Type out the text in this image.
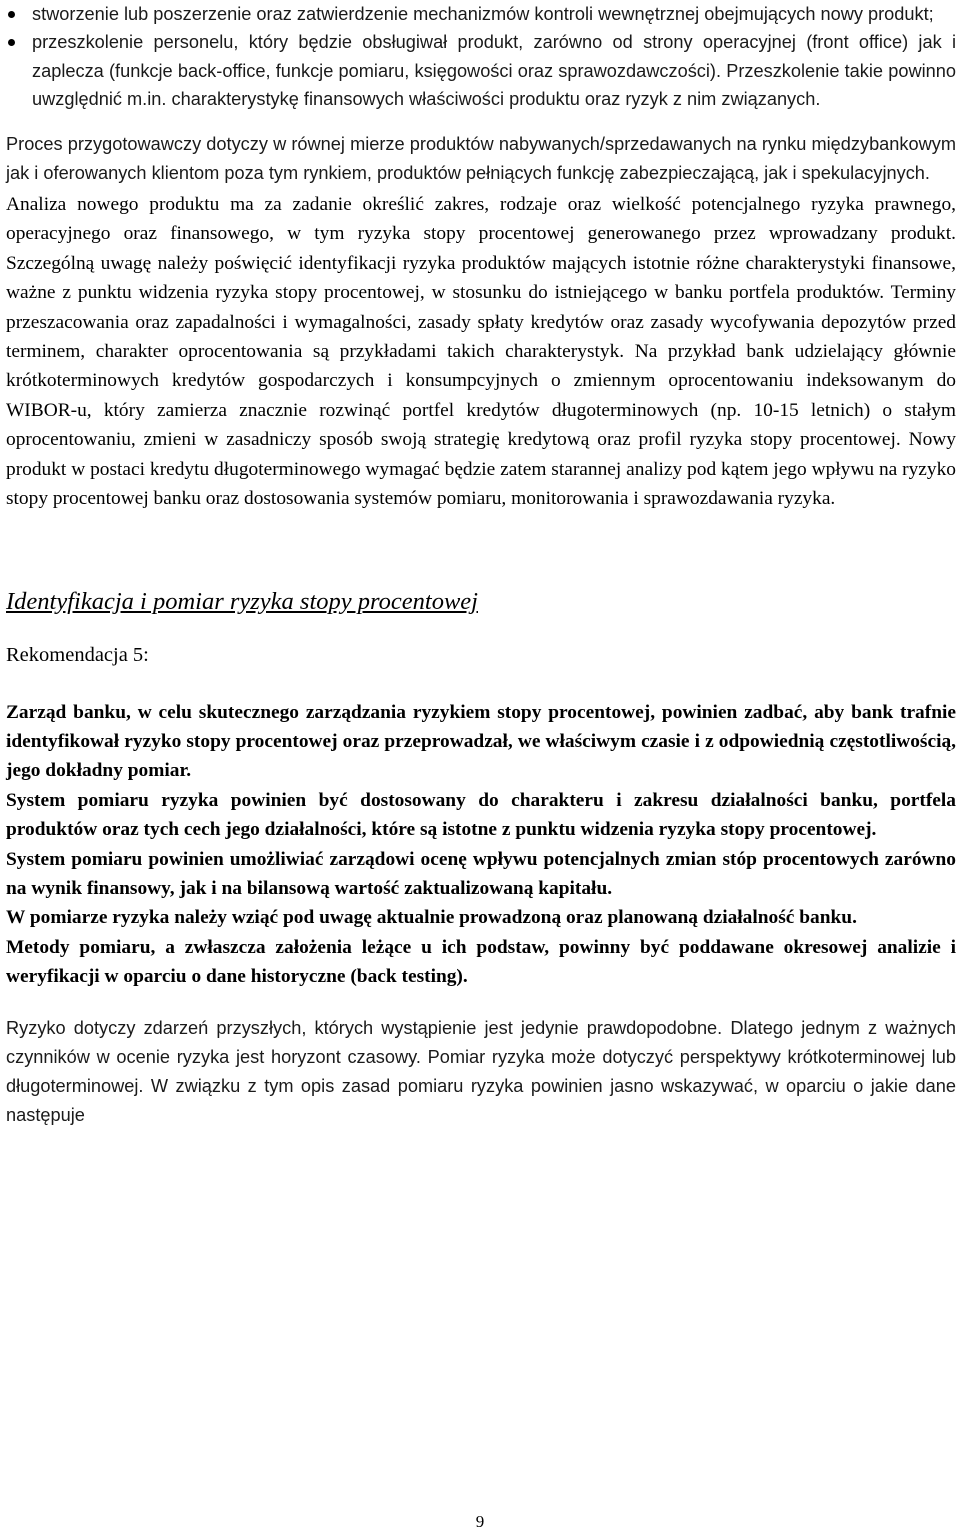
stworzenie lub poszerzenie oraz zatwierdzenie mechanizmów kontroli wewnętrznej obejmujących nowy produkt;
przeszkolenie personelu, który będzie obsługiwał produkt, zarówno od strony operacyjnej (front office) jak i zaplecza (funkcje back-office, funkcje pomiaru, księgowości oraz sprawozdawczości). Przeszkolenie takie powinno uwzględnić m.in. charakterystykę finansowych właściwości produktu oraz ryzyk z nim związanych.

Proces przygotowawczy dotyczy w równej mierze produktów nabywanych/sprzedawanych na rynku międzybankowym jak i oferowanych klientom poza tym rynkiem, produktów pełniących funkcję zabezpieczającą, jak i spekulacyjnych.

Analiza nowego produktu ma za zadanie określić zakres, rodzaje oraz wielkość potencjalnego ryzyka prawnego, operacyjnego oraz finansowego, w tym ryzyka stopy procentowej generowanego przez wprowadzany produkt. Szczególną uwagę należy poświęcić identyfikacji ryzyka produktów mających istotnie różne charakterystyki finansowe, ważne z punktu widzenia ryzyka stopy procentowej, w stosunku do istniejącego w banku portfela produktów. Terminy przeszacowania oraz zapadalności i wymagalności, zasady spłaty kredytów oraz zasady wycofywania depozytów przed terminem, charakter oprocentowania są przykładami takich charakterystyk. Na przykład bank udzielający głównie krótkoterminowych kredytów gospodarczych i konsumpcyjnych o zmiennym oprocentowaniu indeksowanym do WIBOR-u, który zamierza znacznie rozwinąć portfel kredytów długoterminowych (np. 10-15 letnich) o stałym oprocentowaniu, zmieni w zasadniczy sposób swoją strategię kredytową oraz profil ryzyka stopy procentowej. Nowy produkt w postaci kredytu długoterminowego wymagać będzie zatem starannej analizy pod kątem jego wpływu na ryzyko stopy procentowej banku oraz dostosowania systemów pomiaru, monitorowania i sprawozdawania ryzyka.

Identyfikacja i pomiar ryzyka stopy procentowej
Rekomendacja 5:

Zarząd banku, w celu skutecznego zarządzania ryzykiem stopy procentowej, powinien zadbać, aby bank trafnie identyfikował ryzyko stopy procentowej oraz przeprowadzał, we właściwym czasie i z odpowiednią częstotliwością, jego dokładny pomiar.

System pomiaru ryzyka powinien być dostosowany do charakteru i zakresu działalności banku, portfela produktów oraz tych cech jego działalności, które są istotne z punktu widzenia ryzyka stopy procentowej.

System pomiaru powinien umożliwiać zarządowi ocenę wpływu potencjalnych zmian stóp procentowych zarówno na wynik finansowy, jak i na bilansową wartość zaktualizowaną kapitału.

W pomiarze ryzyka należy wziąć pod uwagę aktualnie prowadzoną oraz planowaną działalność banku.

Metody pomiaru, a zwłaszcza założenia leżące u ich podstaw, powinny być poddawane okresowej analizie i weryfikacji w oparciu o dane historyczne (back testing).

Ryzyko dotyczy zdarzeń przyszłych, których wystąpienie jest jedynie prawdopodobne. Dlatego jednym z ważnych czynników w ocenie ryzyka jest horyzont czasowy. Pomiar ryzyka może dotyczyć perspektywy krótkoterminowej lub długoterminowej. W związku z tym opis zasad pomiaru ryzyka powinien jasno wskazywać, w oparciu o jakie dane następuje

9
